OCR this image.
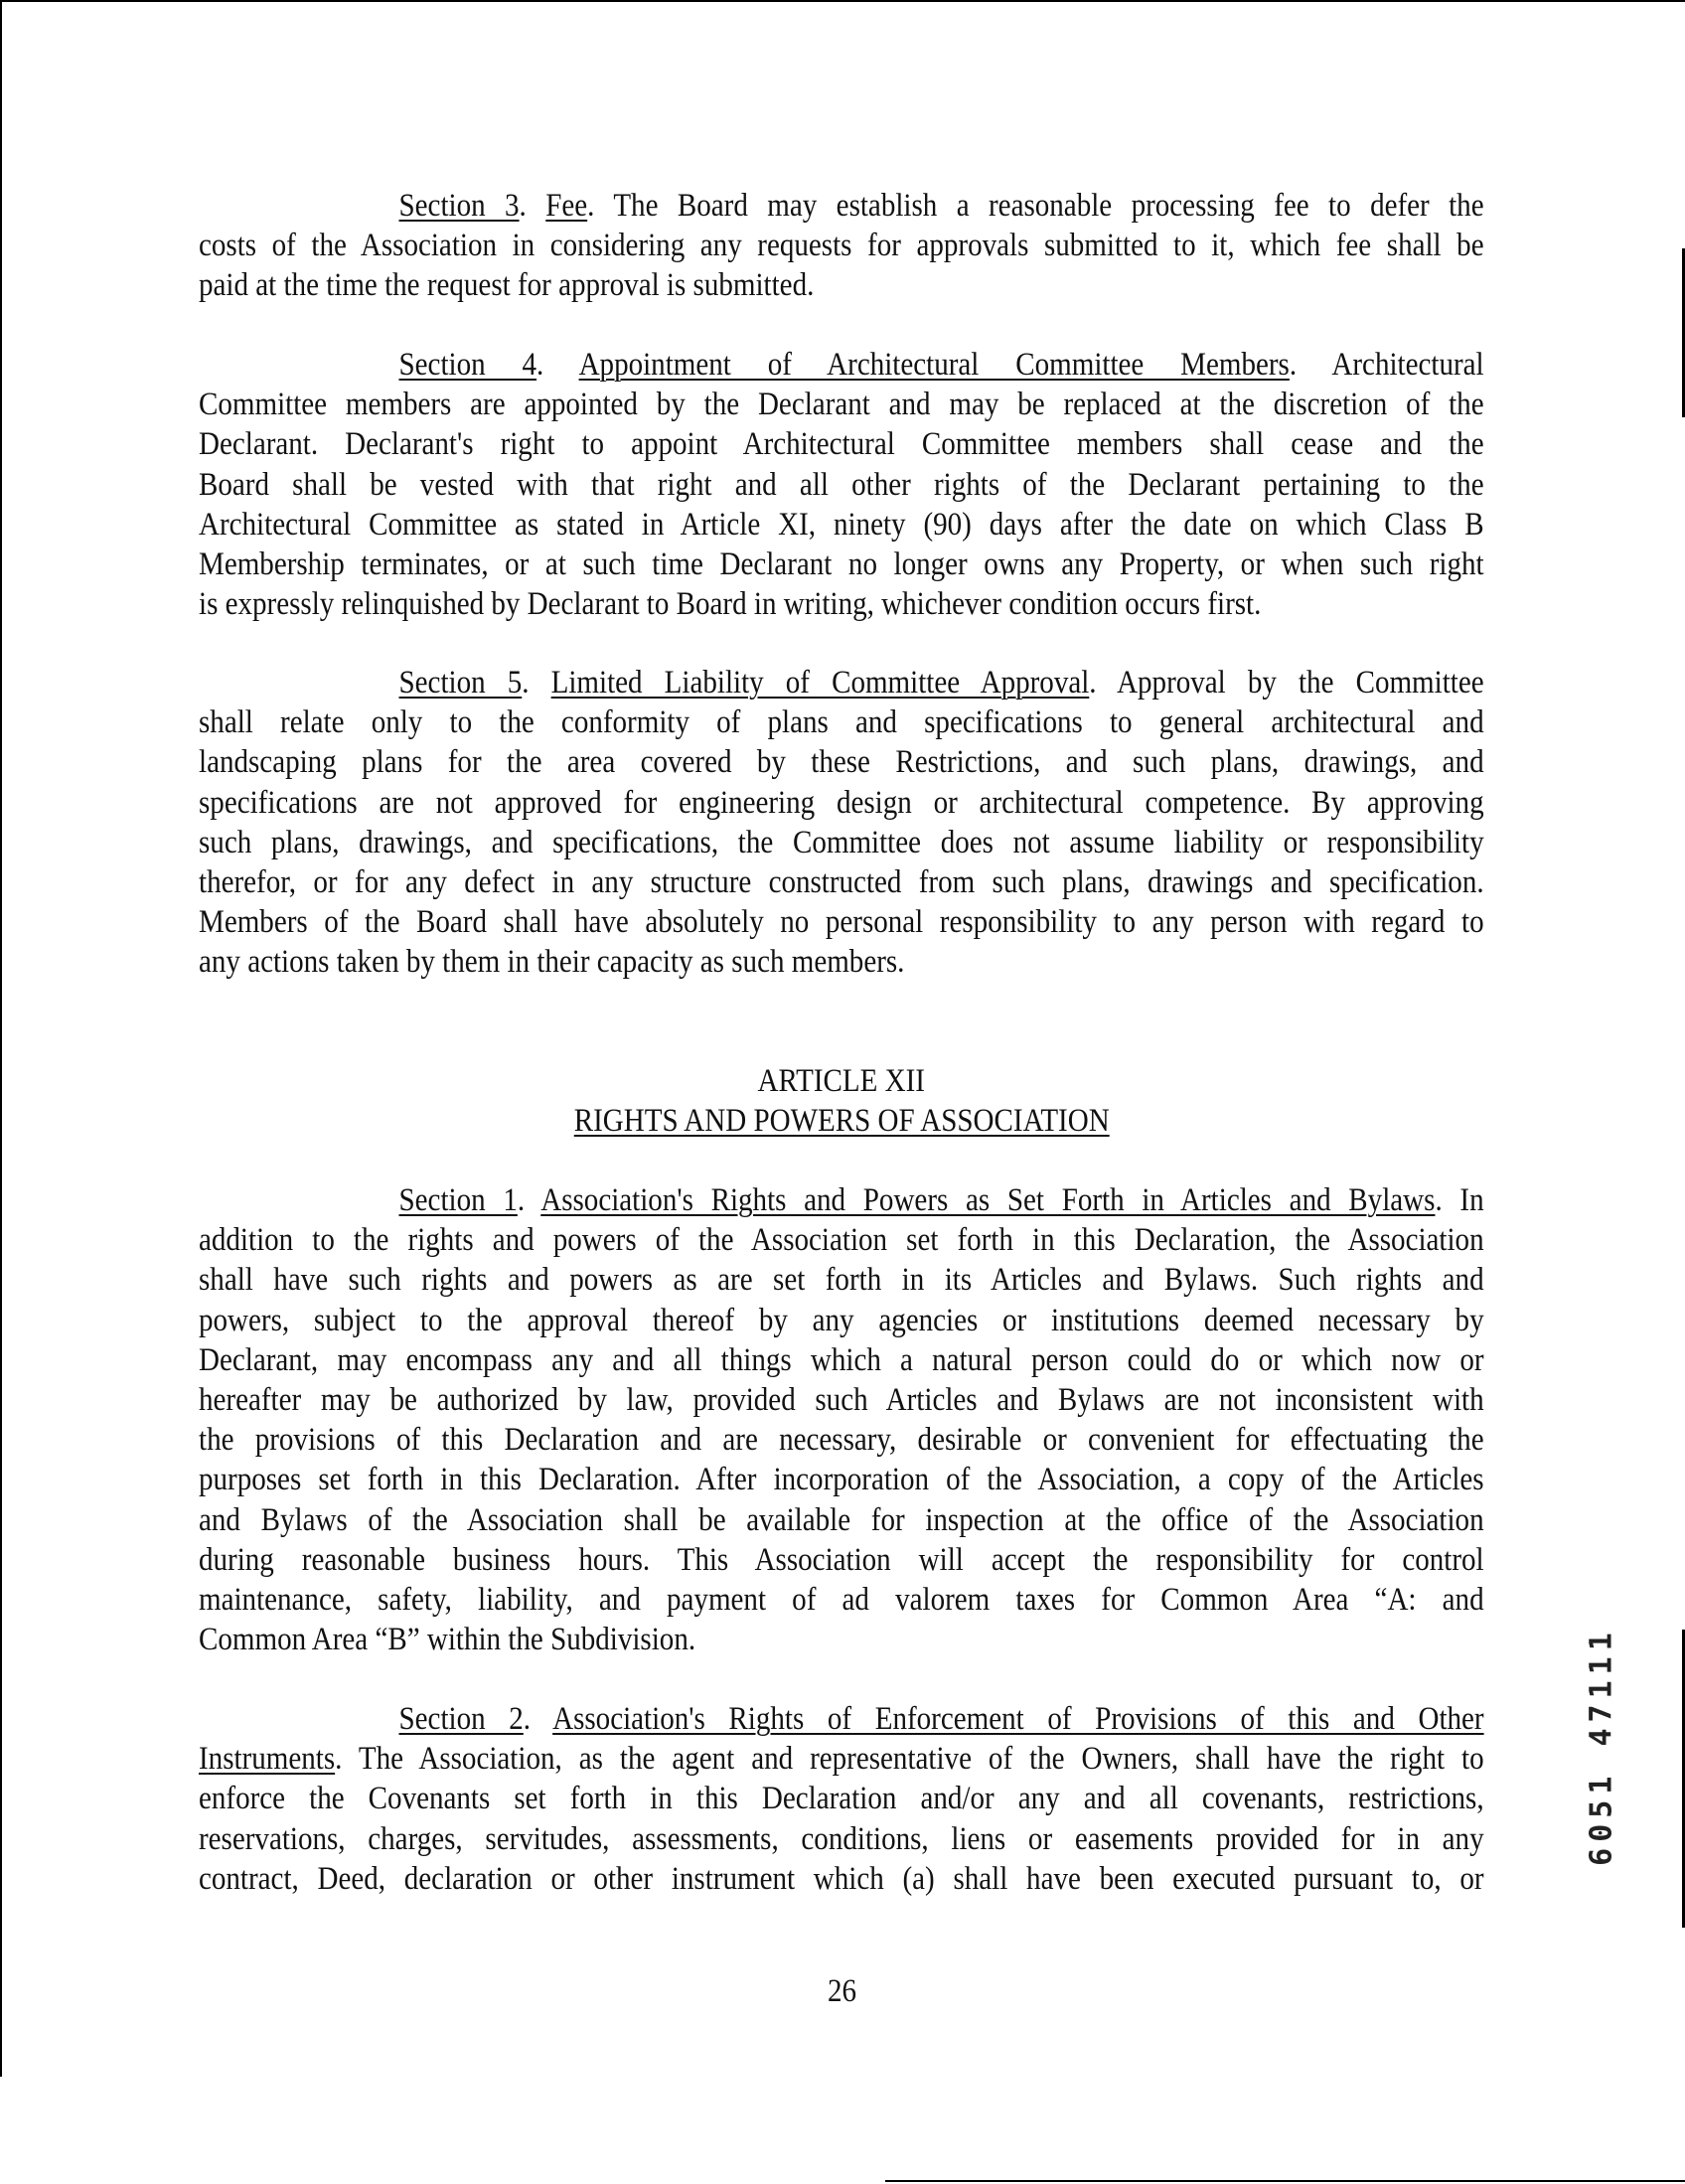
Section 3. Fee. The Board may establish a reasonable processing fee to defer the
costs of the Association in considering any requests for approvals submitted to it, which fee shall be
paid at the time the request for approval is submitted.
Section 4. Appointment of Architectural Committee Members. Architectural
Committee members are appointed by the Declarant and may be replaced at the discretion of the
Declarant. Declarant's right to appoint Architectural Committee members shall cease and the
Board shall be vested with that right and all other rights of the Declarant pertaining to the
Architectural Committee as stated in Article XI, ninety (90) days after the date on which Class B
Membership terminates, or at such time Declarant no longer owns any Property, or when such right
is expressly relinquished by Declarant to Board in writing, whichever condition occurs first.
Section 5. Limited Liability of Committee Approval. Approval by the Committee
shall relate only to the conformity of plans and specifications to general architectural and
landscaping plans for the area covered by these Restrictions, and such plans, drawings, and
specifications are not approved for engineering design or architectural competence. By approving
such plans, drawings, and specifications, the Committee does not assume liability or responsibility
therefor, or for any defect in any structure constructed from such plans, drawings and specification.
Members of the Board shall have absolutely no personal responsibility to any person with regard to
any actions taken by them in their capacity as such members.
ARTICLE XII
RIGHTS AND POWERS OF ASSOCIATION
Section 1. Association's Rights and Powers as Set Forth in Articles and Bylaws. In
addition to the rights and powers of the Association set forth in this Declaration, the Association
shall have such rights and powers as are set forth in its Articles and Bylaws. Such rights and
powers, subject to the approval thereof by any agencies or institutions deemed necessary by
Declarant, may encompass any and all things which a natural person could do or which now or
hereafter may be authorized by law, provided such Articles and Bylaws are not inconsistent with
the provisions of this Declaration and are necessary, desirable or convenient for effectuating the
purposes set forth in this Declaration. After incorporation of the Association, a copy of the Articles
and Bylaws of the Association shall be available for inspection at the office of the Association
during reasonable business hours. This Association will accept the responsibility for control
maintenance, safety, liability, and payment of ad valorem taxes for Common Area “A: and
Common Area “B” within the Subdivision.
Section 2. Association's Rights of Enforcement of Provisions of this and Other
Instruments. The Association, as the agent and representative of the Owners, shall have the right to
enforce the Covenants set forth in this Declaration and/or any and all covenants, restrictions,
reservations, charges, servitudes, assessments, conditions, liens or easements provided for in any
contract, Deed, declaration or other instrument which (a) shall have been executed pursuant to, or
26
6051 47111
